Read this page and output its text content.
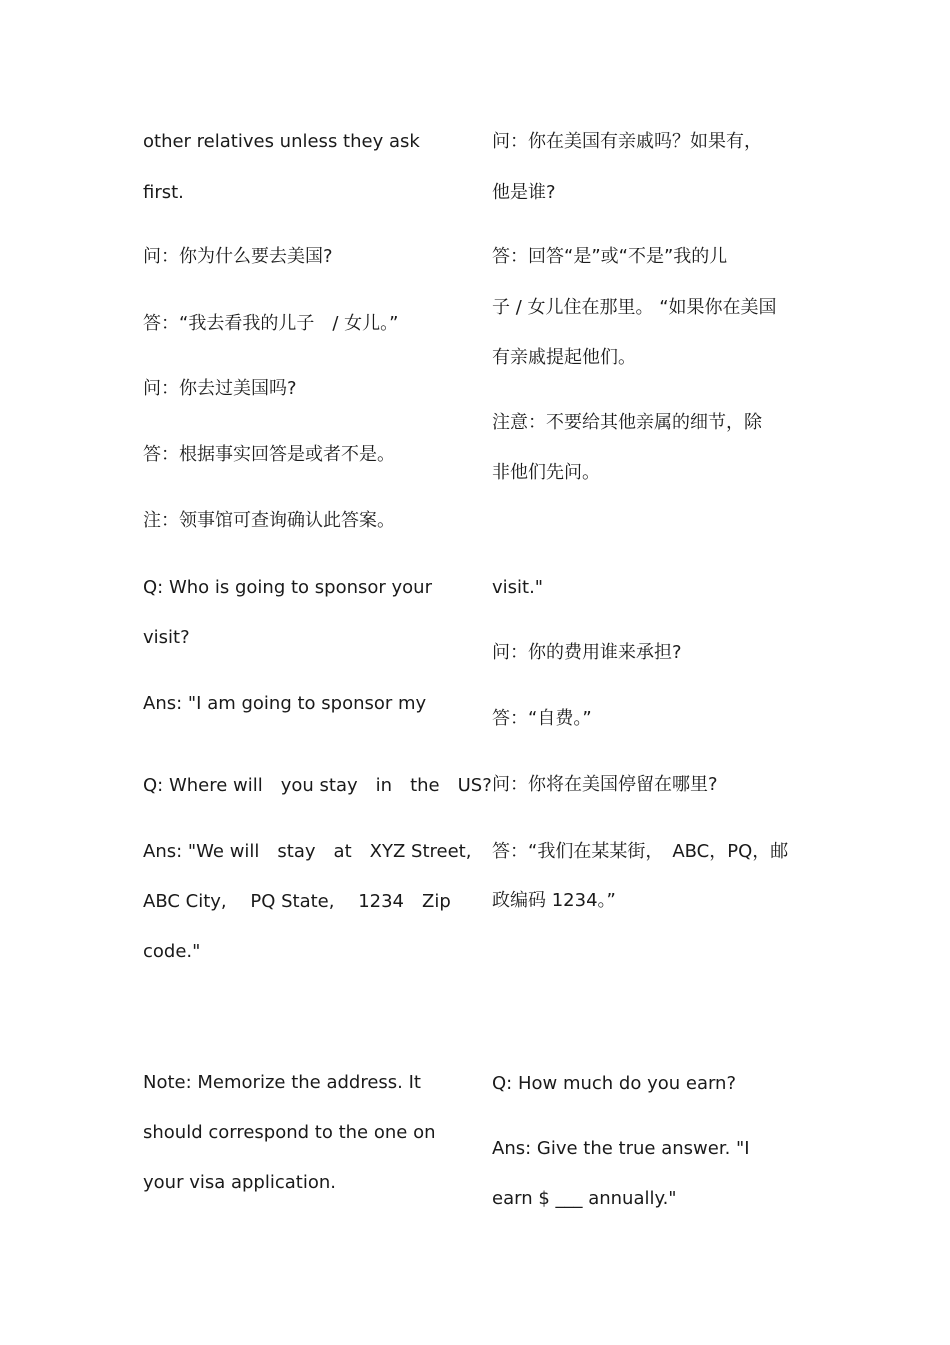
other relatives unless they ask

first.

问：你为什么要去美国?

答：“我去看我的儿子　/ 女儿。”

问：你去过美国吗?

答：根据事实回答是或者不是。

注：领事馆可查询确认此答案。

Q: Who is going to sponsor your

visit?

Ans: "I am going to sponsor my

Q: Where will　you stay　in　the　US?

Ans: "We will　stay　at　XYZ Street,

ABC City,　 PQ State,　 1234　Zip

code."

Note: Memorize the address. It

should correspond to the one on

your visa application.

问：你在美国有亲戚吗？如果有，

他是谁?

答：回答“是”或“不是”我的儿

子 / 女儿住在那里。 “如果你在美国

有亲戚提起他们。

注意：不要给其他亲属的细节，除

非他们先问。

visit."

问：你的费用谁来承担?

答：“自费。”

问：你将在美国停留在哪里?

答：“我们在某某街，　ABC，PQ，邮

政编码 1234。”

Q: How much do you earn?

Ans: Give the true answer. "I

earn $ ___ annually."
